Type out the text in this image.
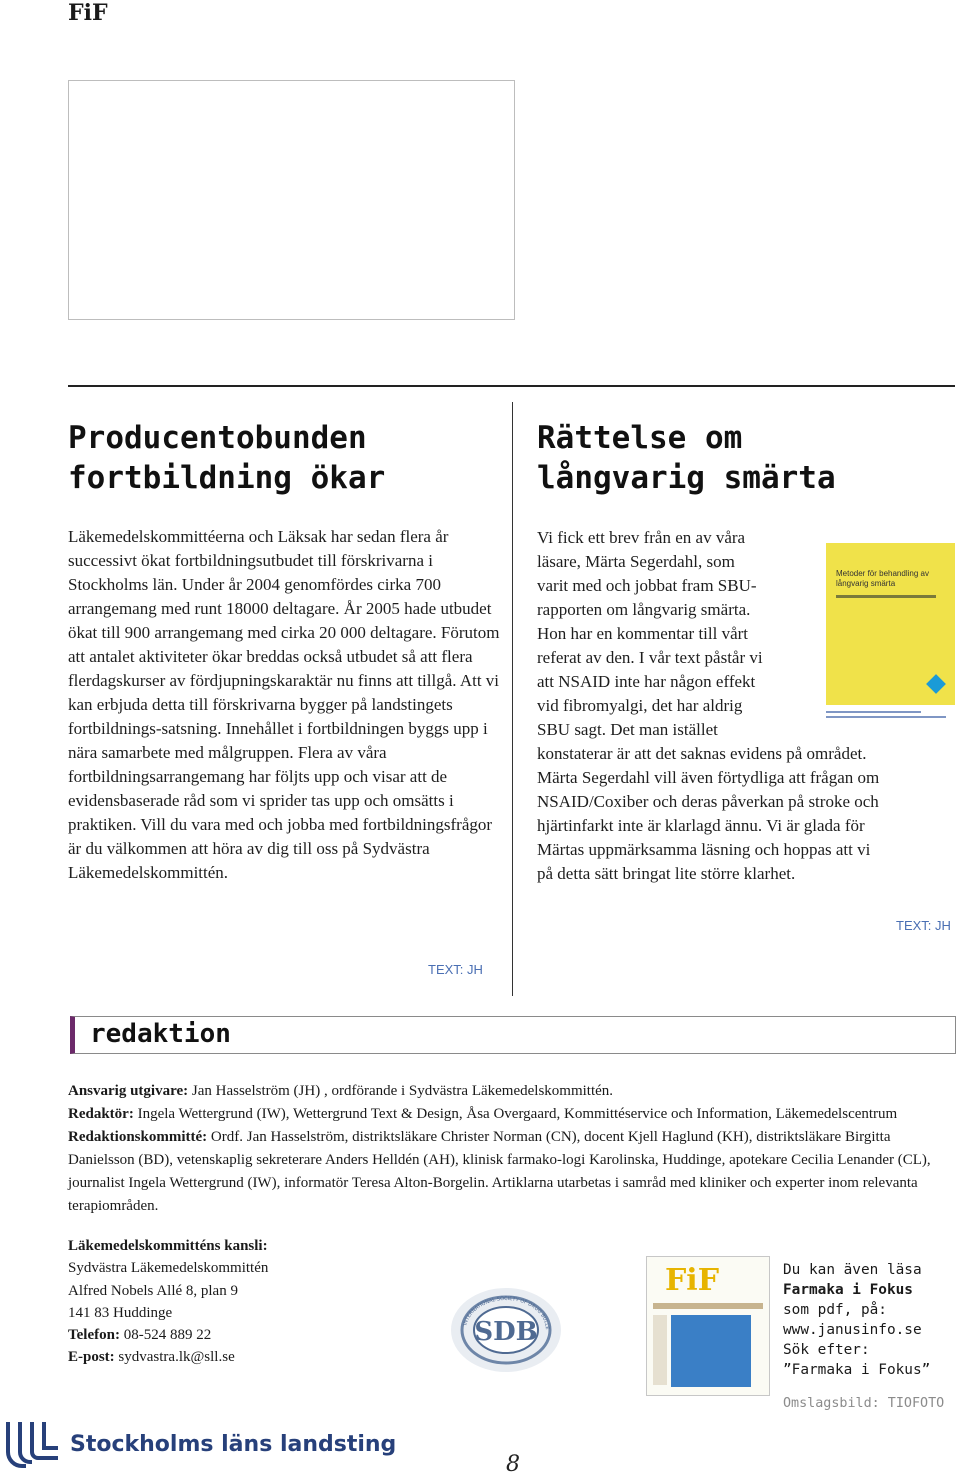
FiF
Producentobunden
fortbildning ökar

Läkemedelskommittéerna och Läksak har sedan flera år successivt ökat fortbildningsutbudet till förskrivarna i Stockholms län. Under år 2004 genomfördes cirka 700 arrangemang med runt 18000 deltagare. År 2005 hade utbudet ökat till 900 arrangemang med cirka 20 000 deltagare. Förutom att antalet aktiviteter ökar breddas också utbudet så att flera flerdagskurser av fördjupningskaraktär nu finns att tillgå. Att vi kan erbjuda detta till förskrivarna bygger på landstingets fortbildnings-satsning. Innehållet i fortbildningen byggs upp i nära samarbete med målgruppen. Flera av våra fortbildningsarrangemang har följts upp och visar att de evidensbaserade råd som vi sprider tas upp och omsätts i praktiken. Vill du vara med och jobba med fortbildningsfrågor är du välkommen att höra av dig till oss på Sydvästra Läkemedelskommittén.

TEXT: JH
Rättelse om
långvarig smärta
Vi fick ett brev från en av våra
läsare, Märta Segerdahl, som
varit med och jobbat fram SBU-
rapporten om långvarig smärta.
Hon har en kommentar till vårt
referat av den. I vår text påstår vi
att NSAID inte har någon effekt
vid fibromyalgi, det har aldrig
SBU sagt. Det man istället
konstaterar är att det saknas evidens på området.
Märta Segerdahl vill även förtydliga att frågan om
NSAID/Coxiber och deras påverkan på stroke och
hjärtinfarkt inte är klarlagd ännu. Vi är glada för
Märtas uppmärksamma läsning och hoppas att vi
på detta sätt bringat lite större klarhet.
Metoder för behandling av långvarig smärta
TEXT: JH
redaktion

Ansvarig utgivare: Jan Hasselström (JH) , ordförande i Sydvästra Läkemedelskommittén.
Redaktör: Ingela Wettergrund (IW), Wettergrund Text & Design, Åsa Overgaard, Kommittéservice och Information, Läkemedelscentrum Redaktionskommitté: Ordf. Jan Hasselström, distriktsläkare Christer Norman (CN), docent Kjell Haglund (KH), distriktsläkare Birgitta Danielsson (BD), vetenskaplig sekreterare Anders Helldén (AH), klinisk farmako-logi Karolinska, Huddinge, apotekare Cecilia Lenander (CL), journalist Ingela Wettergrund (IW), informatör Teresa Alton-Borgelin. Artiklarna utarbetas i samråd med kliniker och experter inom relevanta terapiområden.

Läkemedelskommitténs kansli:
Sydvästra Läkemedelskommittén
Alfred Nobels Allé 8, plan 9
141 83 Huddinge
Telefon: 08-524 889 22
E-post: sydvastra.lk@sll.se
SDB
INTERNATIONAL SOCIETY OF DRUG BULLE
FiF	Du kan även läsa
Farmaka i Fokus
som pdf, på:
www.janusinfo.se
Sök efter:
”Farmaka i Fokus”
Omslagsbild: TIOFOTO
Stockholms läns landsting
8
